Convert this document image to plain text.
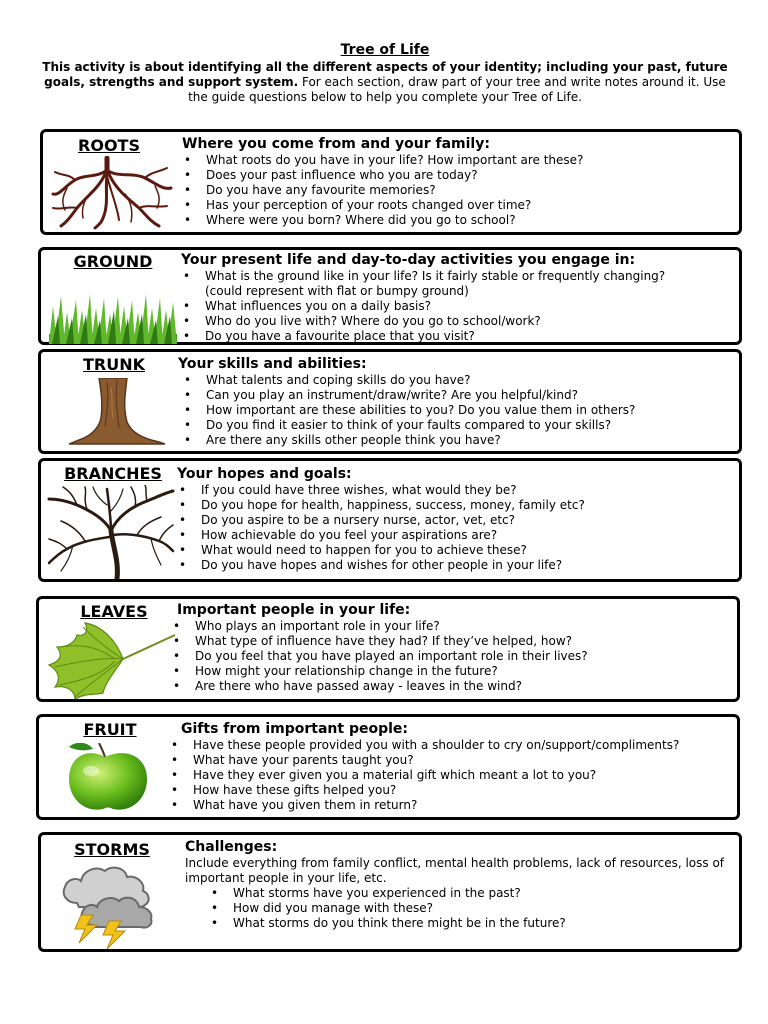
Tree of Life
This activity is about identifying all the different aspects of your identity; including your past, future goals, strengths and support system. For each section, draw part of your tree and write notes around it. Use the guide questions below to help you complete your Tree of Life.
ROOTS	Where you come from and your family:
• What roots do you have in your life? How important are these?
• Does your past influence who you are today?
• Do you have any favourite memories?
• Has your perception of your roots changed over time?
• Where were you born? Where did you go to school?
GROUND	Your present life and day-to-day activities you engage in:
• What is the ground like in your life? Is it fairly stable or frequently changing?
(could represent with flat or bumpy ground)
• What influences you on a daily basis?
• Who do you live with? Where do you go to school/work?
• Do you have a favourite place that you visit?
TRUNK	Your skills and abilities:
• What talents and coping skills do you have?
• Can you play an instrument/draw/write? Are you helpful/kind?
• How important are these abilities to you? Do you value them in others?
• Do you find it easier to think of your faults compared to your skills?
• Are there any skills other people think you have?
BRANCHES	Your hopes and goals:
• If you could have three wishes, what would they be?
• Do you hope for health, happiness, success, money, family etc?
• Do you aspire to be a nursery nurse, actor, vet, etc?
• How achievable do you feel your aspirations are?
• What would need to happen for you to achieve these?
• Do you have hopes and wishes for other people in your life?
LEAVES	Important people in your life:
• Who plays an important role in your life?
• What type of influence have they had? If they’ve helped, how?
• Do you feel that you have played an important role in their lives?
• How might your relationship change in the future?
• Are there who have passed away - leaves in the wind?
FRUIT	Gifts from important people:
• Have these people provided you with a shoulder to cry on/support/compliments?
• What have your parents taught you?
• Have they ever given you a material gift which meant a lot to you?
• How have these gifts helped you?
• What have you given them in return?
STORMS	Challenges:
Include everything from family conflict, mental health problems, lack of resources, loss of important people in your life, etc.
• What storms have you experienced in the past?
• How did you manage with these?
• What storms do you think there might be in the future?
